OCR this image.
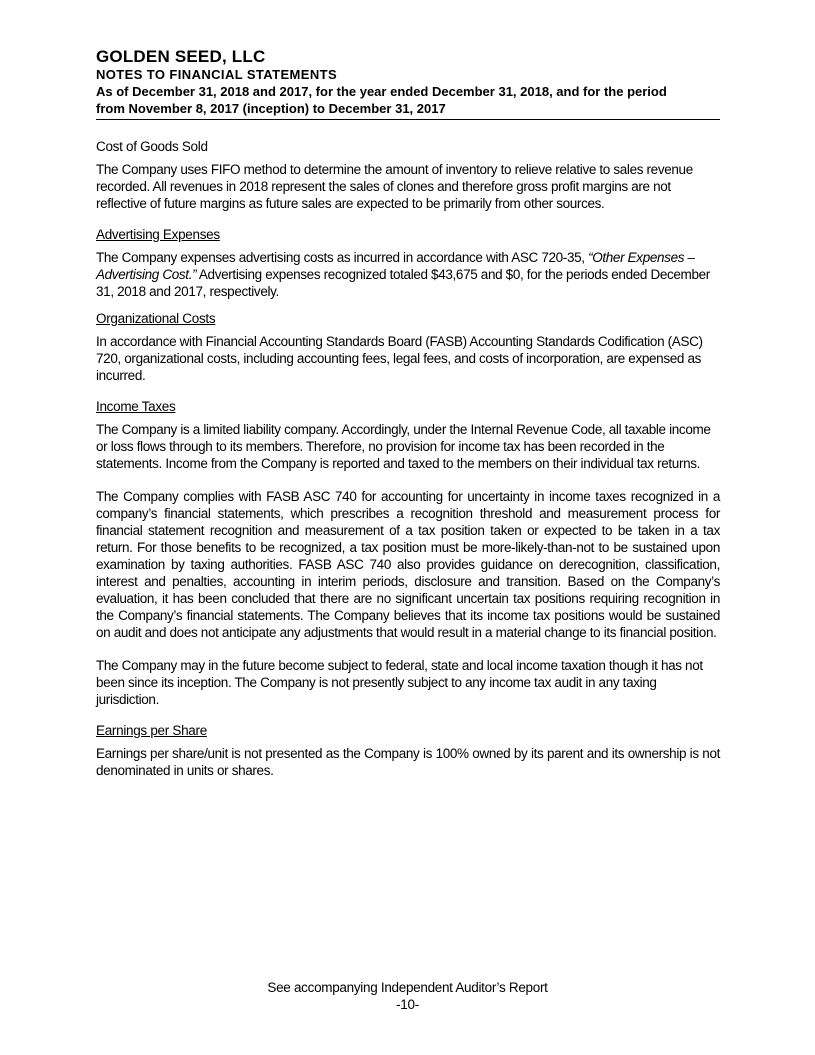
GOLDEN SEED, LLC
NOTES TO FINANCIAL STATEMENTS
As of December 31, 2018 and 2017, for the year ended December 31, 2018, and for the period
from November 8, 2017 (inception) to December 31, 2017
Cost of Goods Sold

The Company uses FIFO method to determine the amount of inventory to relieve relative to sales revenue recorded. All revenues in 2018 represent the sales of clones and therefore gross profit margins are not reflective of future margins as future sales are expected to be primarily from other sources.

Advertising Expenses

The Company expenses advertising costs as incurred in accordance with ASC 720-35, “Other Expenses – Advertising Cost.” Advertising expenses recognized totaled $43,675 and $0, for the periods ended December 31, 2018 and 2017, respectively.

Organizational Costs

In accordance with Financial Accounting Standards Board (FASB) Accounting Standards Codification (ASC) 720, organizational costs, including accounting fees, legal fees, and costs of incorporation, are expensed as incurred.

Income Taxes

The Company is a limited liability company. Accordingly, under the Internal Revenue Code, all taxable income or loss flows through to its members. Therefore, no provision for income tax has been recorded in the statements. Income from the Company is reported and taxed to the members on their individual tax returns.

The Company complies with FASB ASC 740 for accounting for uncertainty in income taxes recognized in a company’s financial statements, which prescribes a recognition threshold and measurement process for financial statement recognition and measurement of a tax position taken or expected to be taken in a tax return. For those benefits to be recognized, a tax position must be more-likely-than-not to be sustained upon examination by taxing authorities. FASB ASC 740 also provides guidance on derecognition, classification, interest and penalties, accounting in interim periods, disclosure and transition. Based on the Company’s evaluation, it has been concluded that there are no significant uncertain tax positions requiring recognition in the Company’s financial statements. The Company believes that its income tax positions would be sustained on audit and does not anticipate any adjustments that would result in a material change to its financial position.

The Company may in the future become subject to federal, state and local income taxation though it has not been since its inception. The Company is not presently subject to any income tax audit in any taxing jurisdiction.

Earnings per Share

Earnings per share/unit is not presented as the Company is 100% owned by its parent and its ownership is not denominated in units or shares.

See accompanying Independent Auditor’s Report
-10-
